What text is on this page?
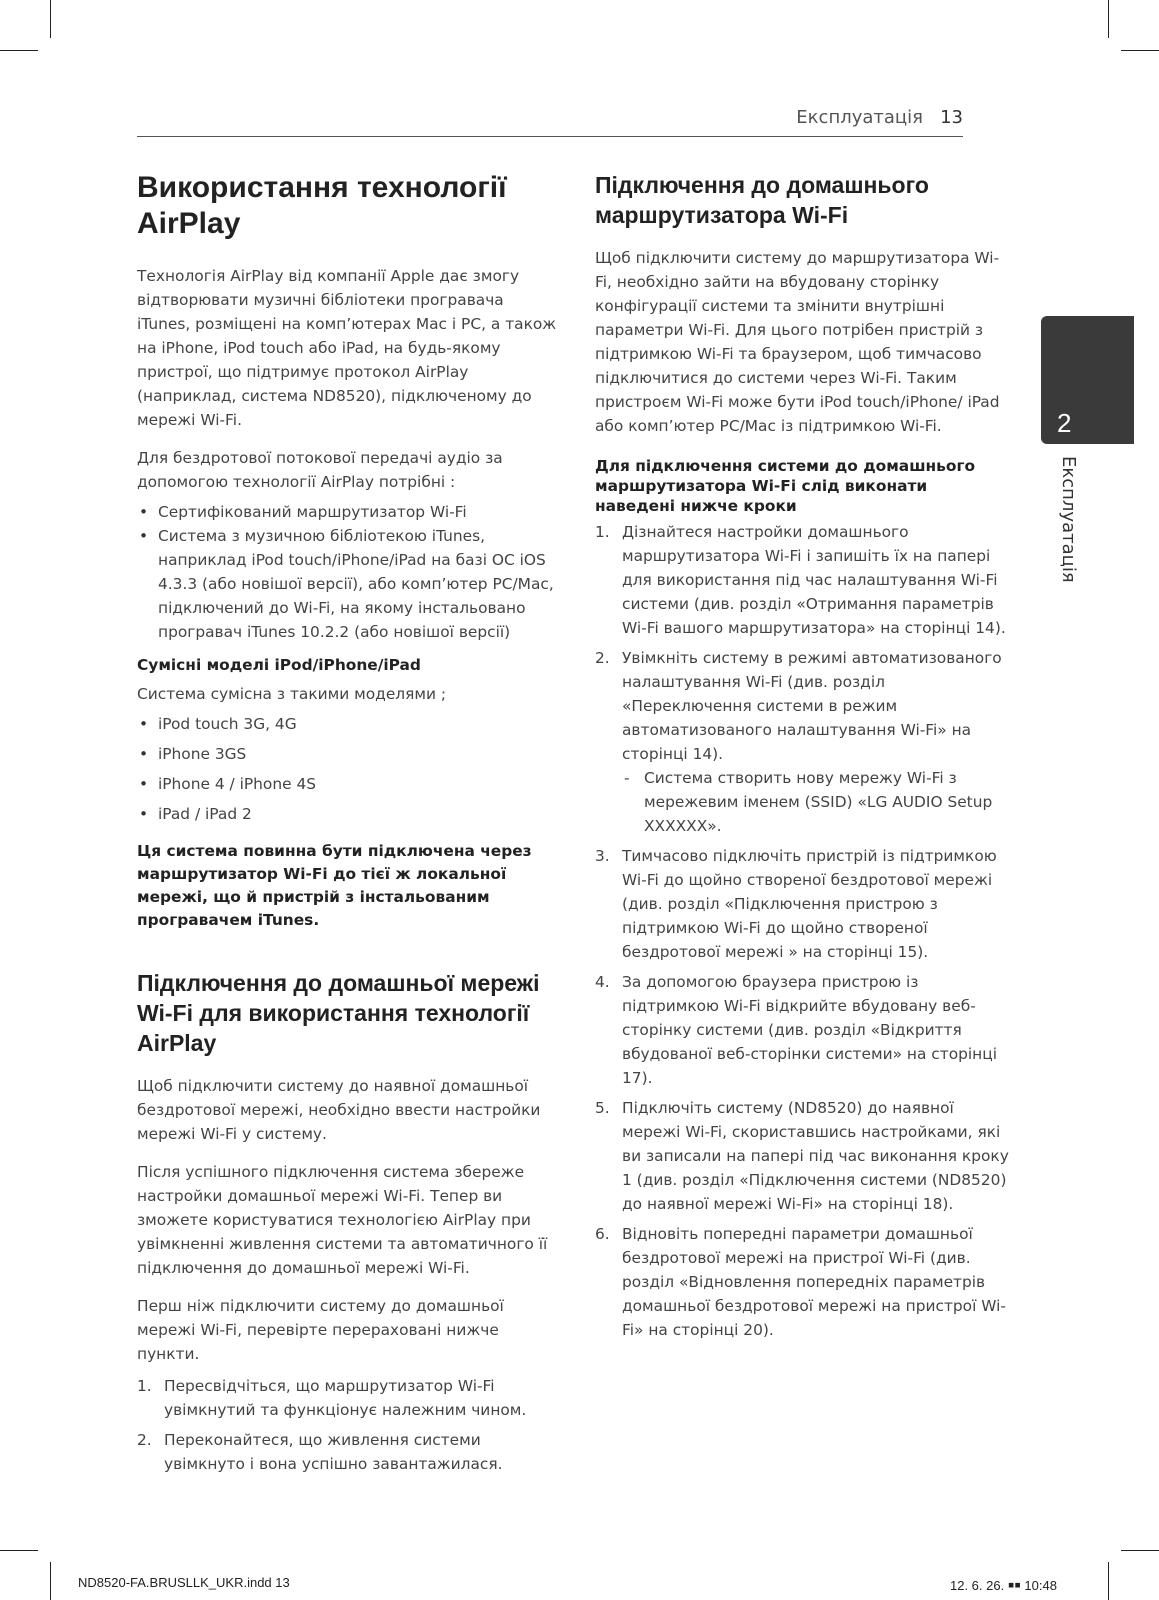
Експлуатація 13
2
Експлуатація
Використання технології AirPlay

Технологія AirPlay від компанії Apple дає змогу відтворювати музичні бібліотеки програвача iTunes, розміщені на комп’ютерах Mac і PC, а також на iPhone, iPod touch або iPad, на будь-якому пристрої, що підтримує протокол AirPlay (наприклад, система ND8520), підключеному до мережі Wi-Fi.

Для бездротової потокової передачі аудіо за допомогою технології AirPlay потрібні :

• Сертифікований маршрутизатор Wi-Fi
• Система з музичною бібліотекою iTunes, наприклад iPod touch/iPhone/iPad на базі ОС iOS 4.3.3 (або новішої версії), або комп’ютер PC/Mac, підключений до Wi-Fi, на якому інстальовано програвач iTunes 10.2.2 (або новішої версії)
Сумісні моделі iPod/iPhone/iPad

Система сумісна з такими моделями ;

• iPod touch 3G, 4G
• iPhone 3GS
• iPhone 4 / iPhone 4S
• iPad / iPad 2
Ця система повинна бути підключена через маршрутизатор Wi-Fi до тієї ж локальної мережі, що й пристрій з інстальованим програвачем iTunes.
Підключення до домашньої мережі Wi-Fi для використання технології AirPlay

Щоб підключити систему до наявної домашньої бездротової мережі, необхідно ввести настройки мережі Wi-Fi у систему.

Після успішного підключення система збереже настройки домашньої мережі Wi-Fi. Тепер ви зможете користуватися технологією AirPlay при увімкненні живлення системи та автоматичного її підключення до домашньої мережі Wi-Fi.

Перш ніж підключити систему до домашньої мережі Wi-Fi, перевірте перераховані нижче пункти.

1. Пересвідчіться, що маршрутизатор Wi-Fi увімкнутий та функціонує належним чином.
2. Переконайтеся, що живлення системи увімкнуто і вона успішно завантажилася.
Підключення до домашнього маршрутизатора Wi-Fi

Щоб підключити систему до маршрутизатора Wi-Fi, необхідно зайти на вбудовану сторінку конфігурації системи та змінити внутрішні параметри Wi-Fi. Для цього потрібен пристрій з підтримкою Wi-Fi та браузером, щоб тимчасово підключитися до системи через Wi-Fi. Таким пристроєм Wi-Fi може бути iPod touch/iPhone/ iPad або комп’ютер PC/Mac із підтримкою Wi-Fi.

Для підключення системи до домашнього маршрутизатора Wi-Fi слід виконати наведені нижче кроки
1. Дізнайтеся настройки домашнього маршрутизатора Wi-Fi і запишіть їх на папері для використання під час налаштування Wi-Fi системи (див. розділ «Отримання параметрів Wi-Fi вашого маршрутизатора» на сторінці 14).
2. Увімкніть систему в режимі автоматизованого налаштування Wi-Fi (див. розділ «Переключення системи в режим автоматизованого налаштування Wi-Fi» на сторінці 14).
- Система створить нову мережу Wi-Fi з мережевим іменем (SSID) «LG AUDIO Setup XXXXXX».
3. Тимчасово підключіть пристрій із підтримкою Wi-Fi до щойно створеної бездротової мережі (див. розділ «Підключення пристрою з підтримкою Wi-Fi до щойно створеної бездротової мережі » на сторінці 15).
4. За допомогою браузера пристрою із підтримкою Wi-Fi відкрийте вбудовану веб-сторінку системи (див. розділ «Відкриття вбудованої веб-сторінки системи» на сторінці 17).
5. Підключіть систему (ND8520) до наявної мережі Wi-Fi, скориставшись настройками, які ви записали на папері під час виконання кроку 1 (див. розділ «Підключення системи (ND8520) до наявної мережі Wi-Fi» на сторінці 18).
6. Відновіть попередні параметри домашньої бездротової мережі на пристрої Wi-Fi (див. розділ «Відновлення попередніх параметрів домашньої бездротової мережі на пристрої Wi-Fi» на сторінці 20).
ND8520-FA.BRUSLLK_UKR.indd 13	12. 6. 26. ￭￭ 10:48
